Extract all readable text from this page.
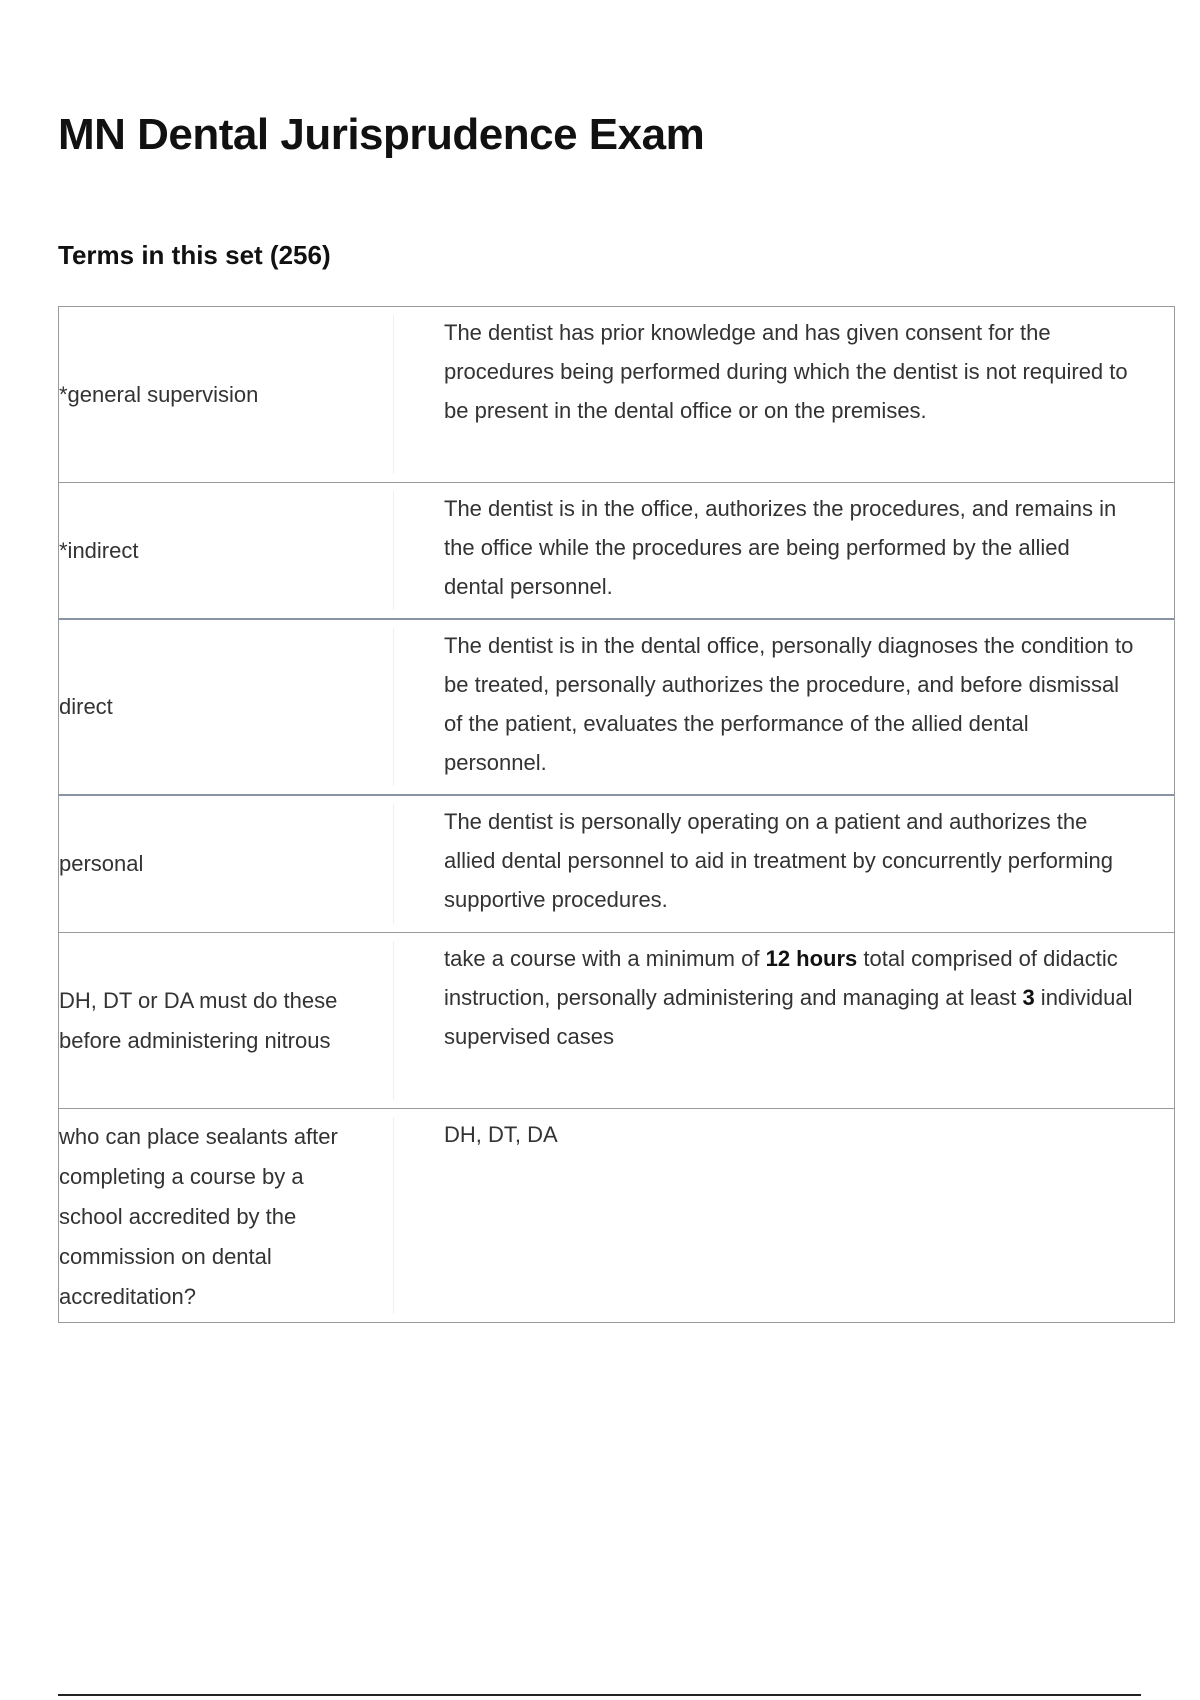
MN Dental Jurisprudence Exam
Terms in this set (256)
*general supervision
The dentist has prior knowledge and has given consent for the procedures being performed during which the dentist is not required to be present in the dental office or on the premises.
*indirect
The dentist is in the office, authorizes the procedures, and remains in the office while the procedures are being performed by the allied dental personnel.
direct
The dentist is in the dental office, personally diagnoses the condition to be treated, personally authorizes the procedure, and before dismissal of the patient, evaluates the performance of the allied dental personnel.
personal
The dentist is personally operating on a patient and authorizes the allied dental personnel to aid in treatment by concurrently performing supportive procedures.
DH, DT or DA must do these before administering nitrous
take a course with a minimum of 12 hours total comprised of didactic instruction, personally administering and managing at least 3 individual supervised cases
who can place sealants after completing a course by a school accredited by the commission on dental accreditation?
DH, DT, DA
